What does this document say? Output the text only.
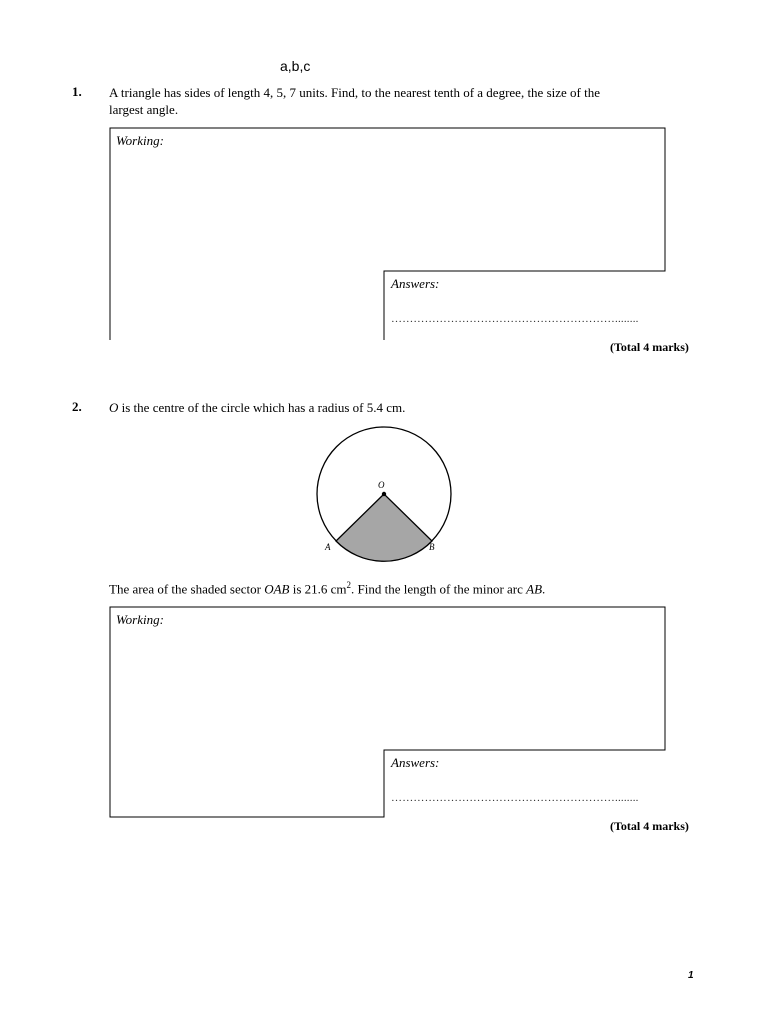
a,b,c
1. A triangle has sides of length 4, 5, 7 units. Find, to the nearest tenth of a degree, the size of the
largest angle.
Working:
Answers:
……………………………………………………........
(Total 4 marks)
2. O is the centre of the circle which has a radius of 5.4 cm.
O
A	B
The area of the shaded sector OAB is 21.6 $cm^2$. Find the length of the minor arc AB.
Working:
Answers:
……………………………………………………........
(Total 4 marks)
1
